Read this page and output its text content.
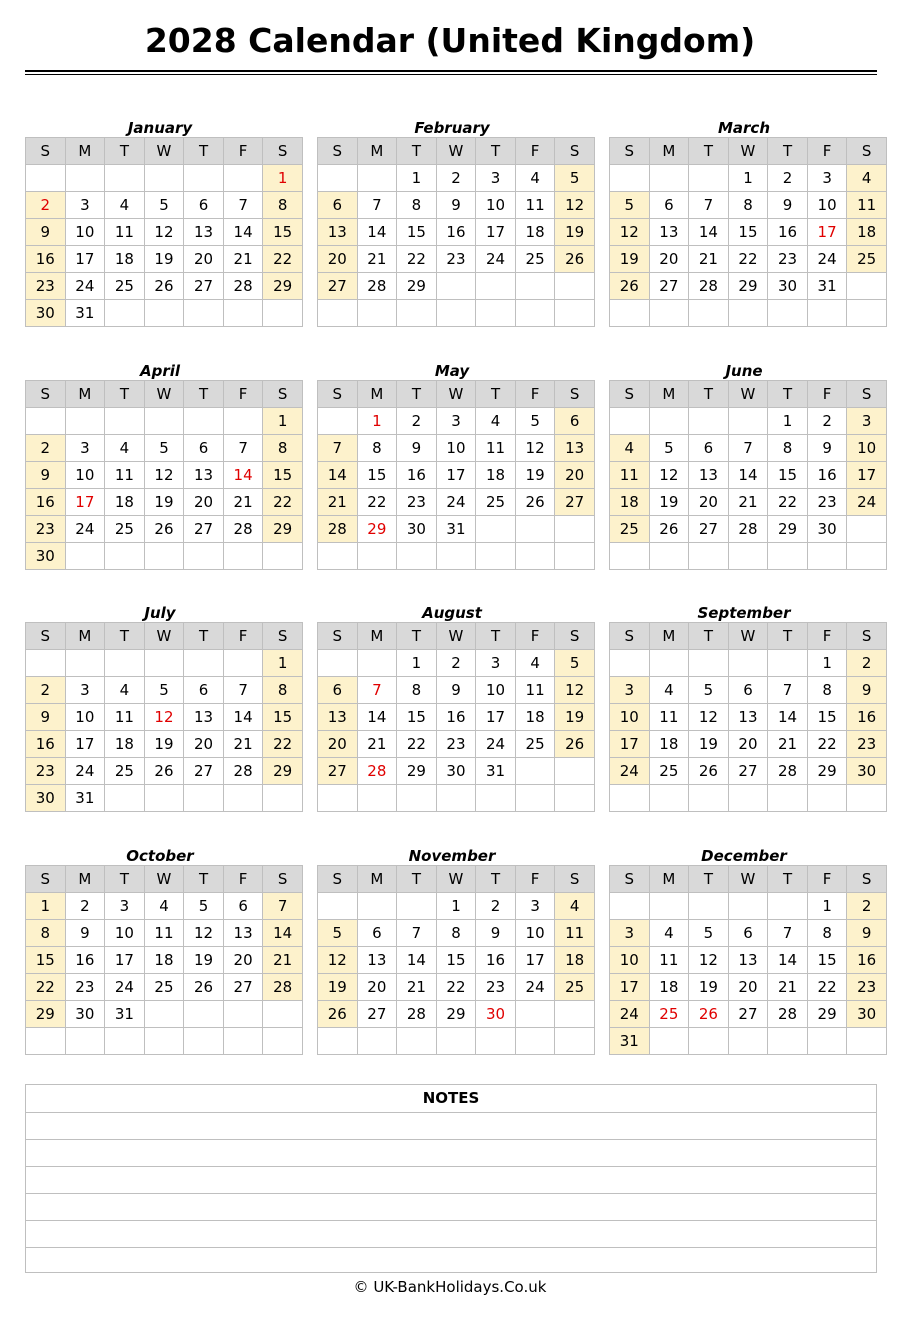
2028 Calendar (United Kingdom)
January
S	M	T	W	T	F	S
						1
2	3	4	5	6	7	8
9	10	11	12	13	14	15
16	17	18	19	20	21	22
23	24	25	26	27	28	29
30	31					
February
S	M	T	W	T	F	S
		1	2	3	4	5
6	7	8	9	10	11	12
13	14	15	16	17	18	19
20	21	22	23	24	25	26
27	28	29				

March
S	M	T	W	T	F	S
			1	2	3	4
5	6	7	8	9	10	11
12	13	14	15	16	17	18
19	20	21	22	23	24	25
26	27	28	29	30	31	

April
S	M	T	W	T	F	S
						1
2	3	4	5	6	7	8
9	10	11	12	13	14	15
16	17	18	19	20	21	22
23	24	25	26	27	28	29
30						
May
S	M	T	W	T	F	S
	1	2	3	4	5	6
7	8	9	10	11	12	13
14	15	16	17	18	19	20
21	22	23	24	25	26	27
28	29	30	31			

June
S	M	T	W	T	F	S
				1	2	3
4	5	6	7	8	9	10
11	12	13	14	15	16	17
18	19	20	21	22	23	24
25	26	27	28	29	30	

July
S	M	T	W	T	F	S
						1
2	3	4	5	6	7	8
9	10	11	12	13	14	15
16	17	18	19	20	21	22
23	24	25	26	27	28	29
30	31					
August
S	M	T	W	T	F	S
		1	2	3	4	5
6	7	8	9	10	11	12
13	14	15	16	17	18	19
20	21	22	23	24	25	26
27	28	29	30	31		

September
S	M	T	W	T	F	S
					1	2
3	4	5	6	7	8	9
10	11	12	13	14	15	16
17	18	19	20	21	22	23
24	25	26	27	28	29	30

October
S	M	T	W	T	F	S
1	2	3	4	5	6	7
8	9	10	11	12	13	14
15	16	17	18	19	20	21
22	23	24	25	26	27	28
29	30	31				

November
S	M	T	W	T	F	S
			1	2	3	4
5	6	7	8	9	10	11
12	13	14	15	16	17	18
19	20	21	22	23	24	25
26	27	28	29	30		

December
S	M	T	W	T	F	S
					1	2
3	4	5	6	7	8	9
10	11	12	13	14	15	16
17	18	19	20	21	22	23
24	25	26	27	28	29	30
31						
NOTES
© UK-BankHolidays.Co.uk
